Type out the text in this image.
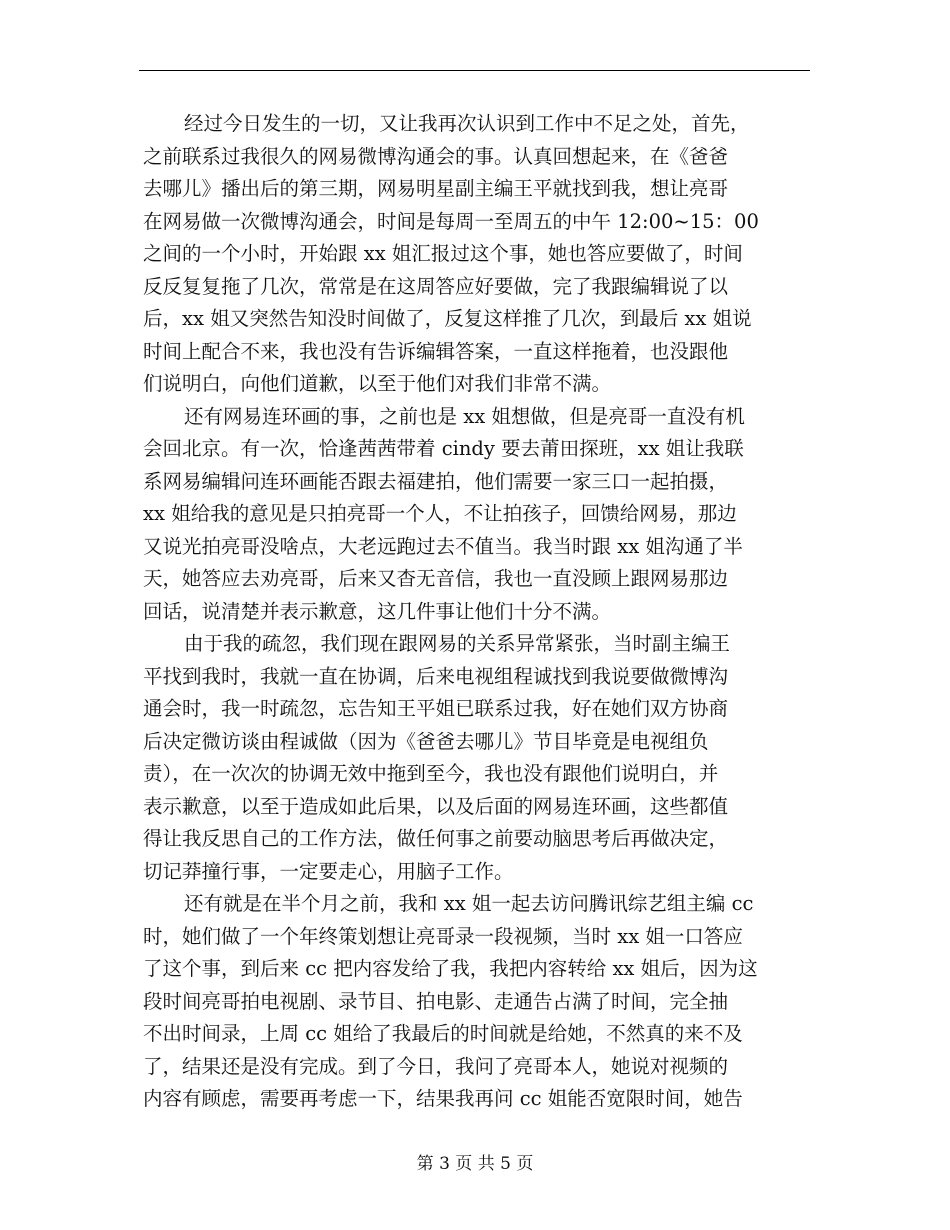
经过今日发生的一切，又让我再次认识到工作中不足之处，首先，
之前联系过我很久的网易微博沟通会的事。认真回想起来，在《爸爸
去哪儿》播出后的第三期，网易明星副主编王平就找到我，想让亮哥
在网易做一次微博沟通会，时间是每周一至周五的中午 12:00~15：00
之间的一个小时，开始跟 xx 姐汇报过这个事，她也答应要做了，时间
反反复复拖了几次，常常是在这周答应好要做，完了我跟编辑说了以
后，xx 姐又突然告知没时间做了，反复这样推了几次，到最后 xx 姐说
时间上配合不来，我也没有告诉编辑答案，一直这样拖着，也没跟他
们说明白，向他们道歉，以至于他们对我们非常不满。
还有网易连环画的事，之前也是 xx 姐想做，但是亮哥一直没有机
会回北京。有一次，恰逢茜茜带着 cindy 要去莆田探班，xx 姐让我联
系网易编辑问连环画能否跟去福建拍，他们需要一家三口一起拍摄，
xx 姐给我的意见是只拍亮哥一个人，不让拍孩子，回馈给网易，那边
又说光拍亮哥没啥点，大老远跑过去不值当。我当时跟 xx 姐沟通了半
天，她答应去劝亮哥，后来又杳无音信，我也一直没顾上跟网易那边
回话，说清楚并表示歉意，这几件事让他们十分不满。
由于我的疏忽，我们现在跟网易的关系异常紧张，当时副主编王
平找到我时，我就一直在协调，后来电视组程诚找到我说要做微博沟
通会时，我一时疏忽，忘告知王平姐已联系过我，好在她们双方协商
后决定微访谈由程诚做（因为《爸爸去哪儿》节目毕竟是电视组负
责），在一次次的协调无效中拖到至今，我也没有跟他们说明白，并
表示歉意，以至于造成如此后果，以及后面的网易连环画，这些都值
得让我反思自己的工作方法，做任何事之前要动脑思考后再做决定，
切记莽撞行事，一定要走心，用脑子工作。
还有就是在半个月之前，我和 xx 姐一起去访问腾讯综艺组主编 cc
时，她们做了一个年终策划想让亮哥录一段视频，当时 xx 姐一口答应
了这个事，到后来 cc 把内容发给了我，我把内容转给 xx 姐后，因为这
段时间亮哥拍电视剧、录节目、拍电影、走通告占满了时间，完全抽
不出时间录，上周 cc 姐给了我最后的时间就是给她，不然真的来不及
了，结果还是没有完成。到了今日，我问了亮哥本人，她说对视频的
内容有顾虑，需要再考虑一下，结果我再问 cc 姐能否宽限时间，她告
第 3 页 共 5 页
